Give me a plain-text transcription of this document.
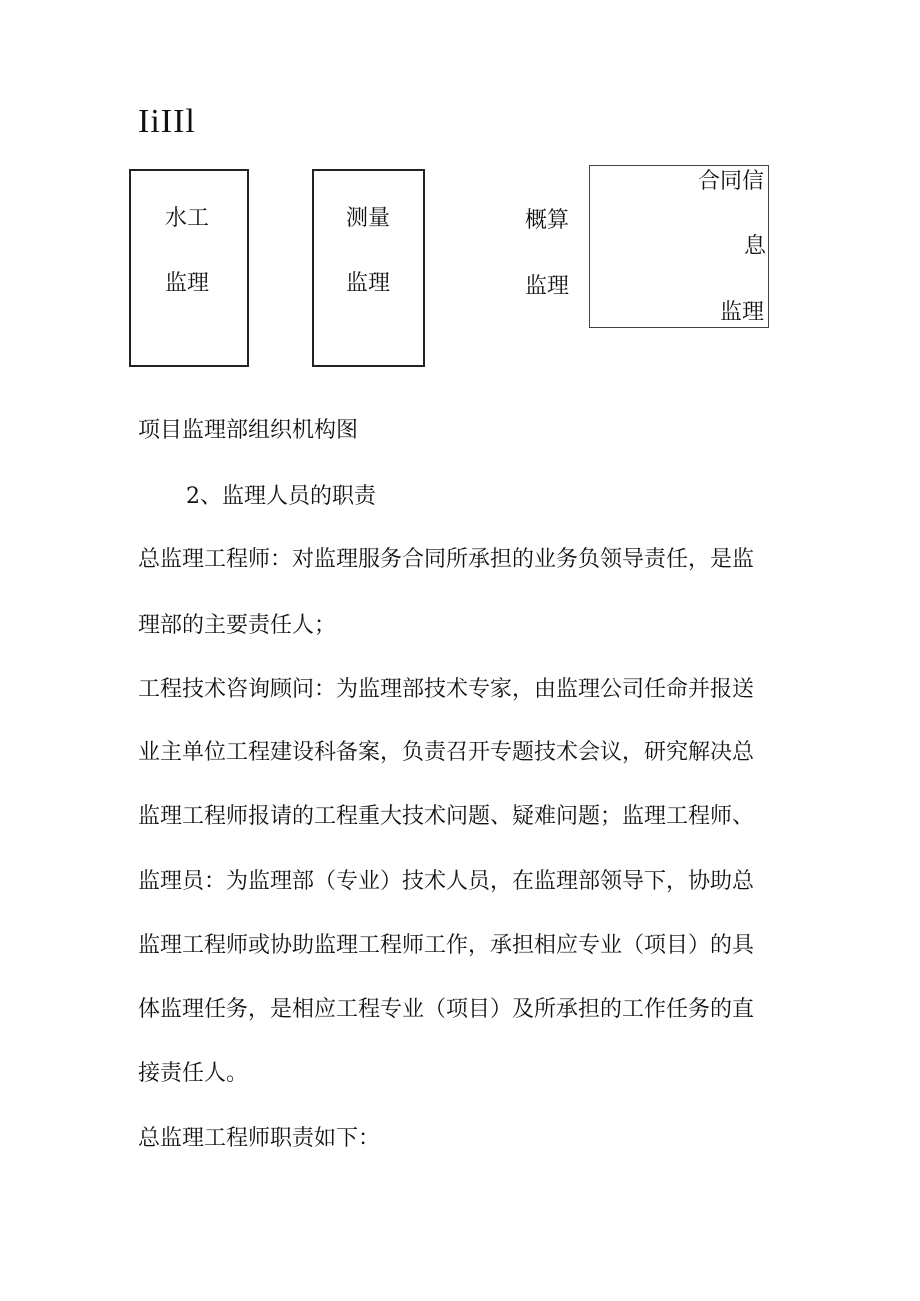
IiIIl
水工
监理
测量
监理
概算
监理
合同信
息
监理
项目监理部组织机构图
2、监理人员的职责
总监理工程师：对监理服务合同所承担的业务负领导责任，是监
理部的主要责任人；
工程技术咨询顾问：为监理部技术专家，由监理公司任命并报送
业主单位工程建设科备案，负责召开专题技术会议，研究解决总
监理工程师报请的工程重大技术问题、疑难问题；监理工程师、
监理员：为监理部（专业）技术人员，在监理部领导下，协助总
监理工程师或协助监理工程师工作，承担相应专业（项目）的具
体监理任务，是相应工程专业（项目）及所承担的工作任务的直
接责任人。
总监理工程师职责如下：
